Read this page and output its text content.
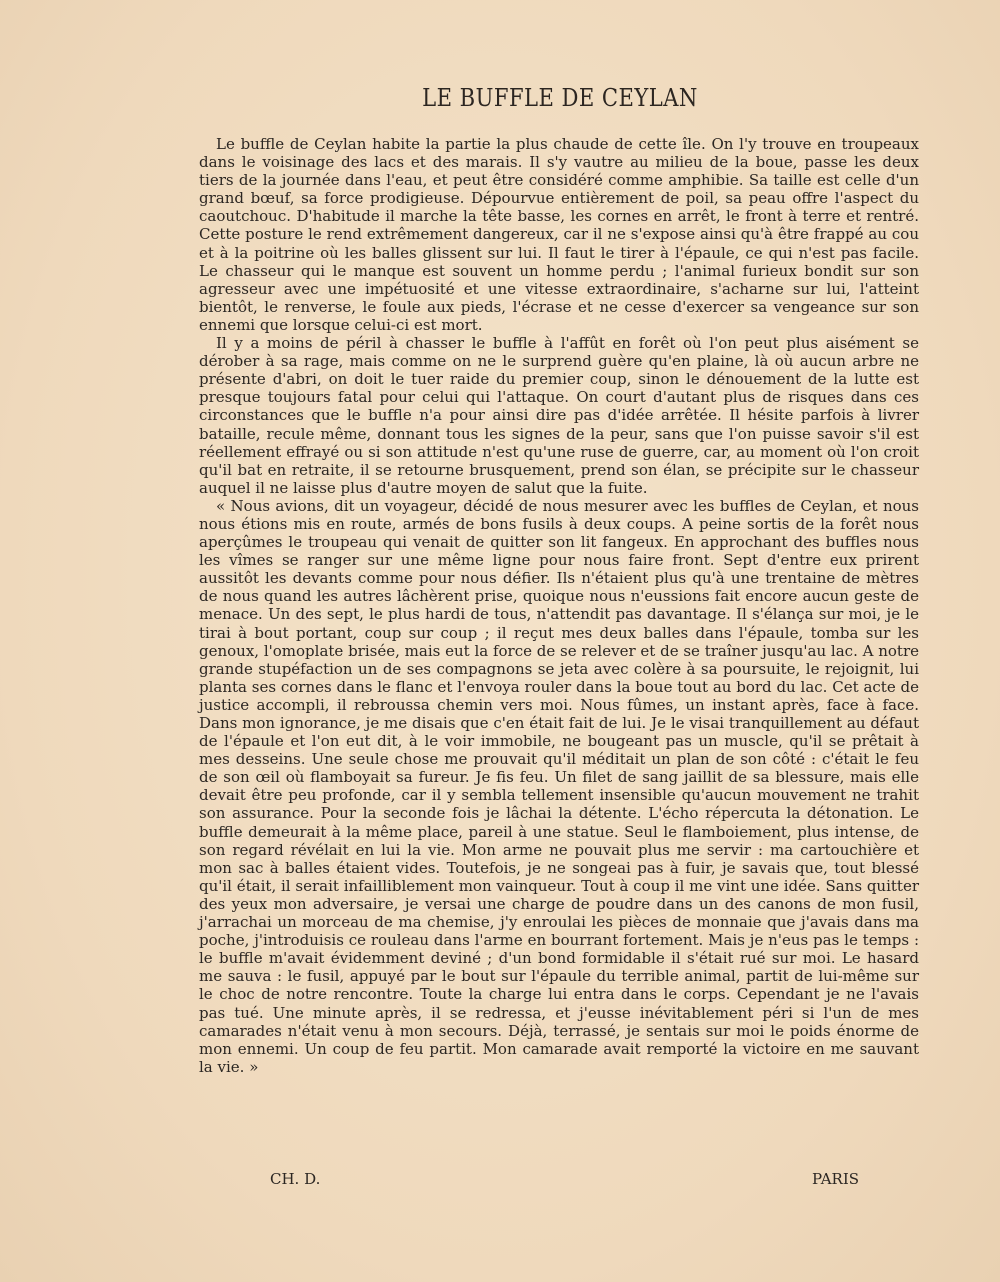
LE BUFFLE DE CEYLAN

Le buffle de Ceylan habite la partie la plus chaude de cette île. On l'y trouve en troupeaux dans le voisinage des lacs et des marais. Il s'y vautre au milieu de la boue, passe les deux tiers de la journée dans l'eau, et peut être considéré comme amphibie. Sa taille est celle d'un grand bœuf, sa force prodigieuse. Dépourvue entièrement de poil, sa peau offre l'aspect du caoutchouc. D'habitude il marche la tête basse, les cornes en arrêt, le front à terre et rentré. Cette posture le rend extrêmement dangereux, car il ne s'expose ainsi qu'à être frappé au cou et à la poitrine où les balles glissent sur lui. Il faut le tirer à l'épaule, ce qui n'est pas facile. Le chasseur qui le manque est souvent un homme perdu ; l'animal furieux bondit sur son agresseur avec une impétuosité et une vitesse extraordinaire, s'acharne sur lui, l'atteint bientôt, le renverse, le foule aux pieds, l'écrase et ne cesse d'exercer sa vengeance sur son ennemi que lorsque celui-ci est mort.

Il y a moins de péril à chasser le buffle à l'affût en forêt où l'on peut plus aisément se dérober à sa rage, mais comme on ne le surprend guère qu'en plaine, là où aucun arbre ne présente d'abri, on doit le tuer raide du premier coup, sinon le dénouement de la lutte est presque toujours fatal pour celui qui l'attaque. On court d'autant plus de risques dans ces circonstances que le buffle n'a pour ainsi dire pas d'idée arrêtée. Il hésite parfois à livrer bataille, recule même, donnant tous les signes de la peur, sans que l'on puisse savoir s'il est réellement effrayé ou si son attitude n'est qu'une ruse de guerre, car, au moment où l'on croit qu'il bat en retraite, il se retourne brusquement, prend son élan, se précipite sur le chasseur auquel il ne laisse plus d'autre moyen de salut que la fuite.

« Nous avions, dit un voyageur, décidé de nous mesurer avec les buffles de Ceylan, et nous nous étions mis en route, armés de bons fusils à deux coups. A peine sortis de la forêt nous aperçûmes le troupeau qui venait de quitter son lit fangeux. En approchant des buffles nous les vîmes se ranger sur une même ligne pour nous faire front. Sept d'entre eux prirent aussitôt les devants comme pour nous défier. Ils n'étaient plus qu'à une trentaine de mètres de nous quand les autres lâchèrent prise, quoique nous n'eussions fait encore aucun geste de menace. Un des sept, le plus hardi de tous, n'attendit pas davantage. Il s'élança sur moi, je le tirai à bout portant, coup sur coup ; il reçut mes deux balles dans l'épaule, tomba sur les genoux, l'omoplate brisée, mais eut la force de se relever et de se traîner jusqu'au lac. A notre grande stupéfaction un de ses compagnons se jeta avec colère à sa poursuite, le rejoignit, lui planta ses cornes dans le flanc et l'envoya rouler dans la boue tout au bord du lac. Cet acte de justice accompli, il rebroussa chemin vers moi. Nous fûmes, un instant après, face à face. Dans mon ignorance, je me disais que c'en était fait de lui. Je le visai tranquillement au défaut de l'épaule et l'on eut dit, à le voir immobile, ne bougeant pas un muscle, qu'il se prêtait à mes desseins. Une seule chose me prouvait qu'il méditait un plan de son côté : c'était le feu de son œil où flamboyait sa fureur. Je fis feu. Un filet de sang jaillit de sa blessure, mais elle devait être peu profonde, car il y sembla tellement insensible qu'aucun mouvement ne trahit son assurance. Pour la seconde fois je lâchai la détente. L'écho répercuta la détonation. Le buffle demeurait à la même place, pareil à une statue. Seul le flamboiement, plus intense, de son regard révélait en lui la vie. Mon arme ne pouvait plus me servir : ma cartouchière et mon sac à balles étaient vides. Toutefois, je ne songeai pas à fuir, je savais que, tout blessé qu'il était, il serait infailliblement mon vainqueur. Tout à coup il me vint une idée. Sans quitter des yeux mon adversaire, je versai une charge de poudre dans un des canons de mon fusil, j'arrachai un morceau de ma chemise, j'y enroulai les pièces de monnaie que j'avais dans ma poche, j'introduisis ce rouleau dans l'arme en bourrant fortement. Mais je n'eus pas le temps : le buffle m'avait évidemment deviné ; d'un bond formidable il s'était rué sur moi. Le hasard me sauva : le fusil, appuyé par le bout sur l'épaule du terrible animal, partit de lui-même sur le choc de notre rencontre. Toute la charge lui entra dans le corps. Cependant je ne l'avais pas tué. Une minute après, il se redressa, et j'eusse inévitablement péri si l'un de mes camarades n'était venu à mon secours. Déjà, terrassé, je sentais sur moi le poids énorme de mon ennemi. Un coup de feu partit. Mon camarade avait remporté la victoire en me sauvant la vie. »

CH. D.	PARIS
